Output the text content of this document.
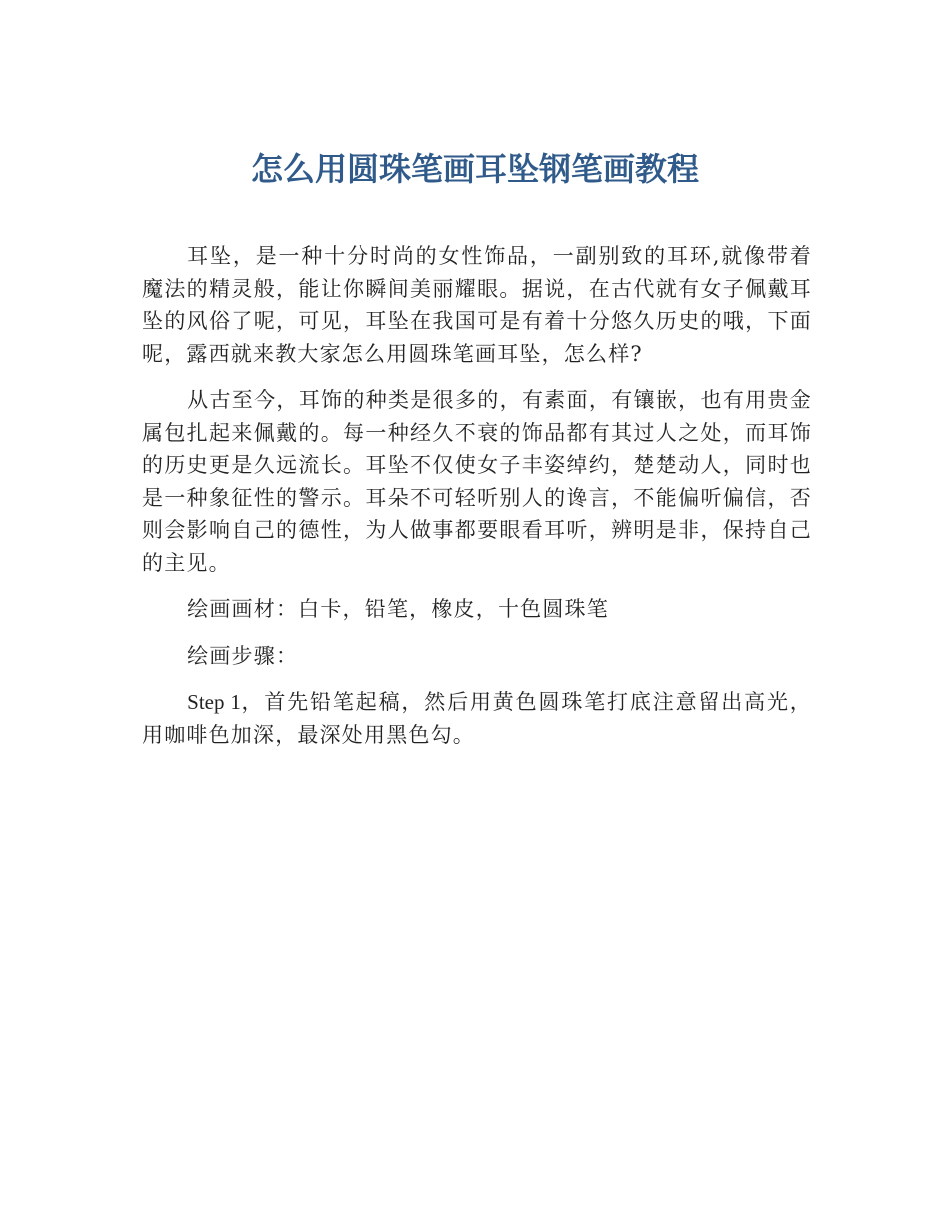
怎么用圆珠笔画耳坠钢笔画教程

耳坠，是一种十分时尚的女性饰品，一副别致的耳环,就像带着魔法的精灵般，能让你瞬间美丽耀眼。据说，在古代就有女子佩戴耳坠的风俗了呢，可见，耳坠在我国可是有着十分悠久历史的哦，下面呢，露西就来教大家怎么用圆珠笔画耳坠，怎么样?

从古至今，耳饰的种类是很多的，有素面，有镶嵌，也有用贵金属包扎起来佩戴的。每一种经久不衰的饰品都有其过人之处，而耳饰的历史更是久远流长。耳坠不仅使女子丰姿绰约，楚楚动人，同时也是一种象征性的警示。耳朵不可轻听别人的谗言，不能偏听偏信，否则会影响自己的德性，为人做事都要眼看耳听，辨明是非，保持自己的主见。

绘画画材：白卡，铅笔，橡皮，十色圆珠笔

绘画步骤：

Step 1，首先铅笔起稿，然后用黄色圆珠笔打底注意留出高光，用咖啡色加深，最深处用黑色勾。
